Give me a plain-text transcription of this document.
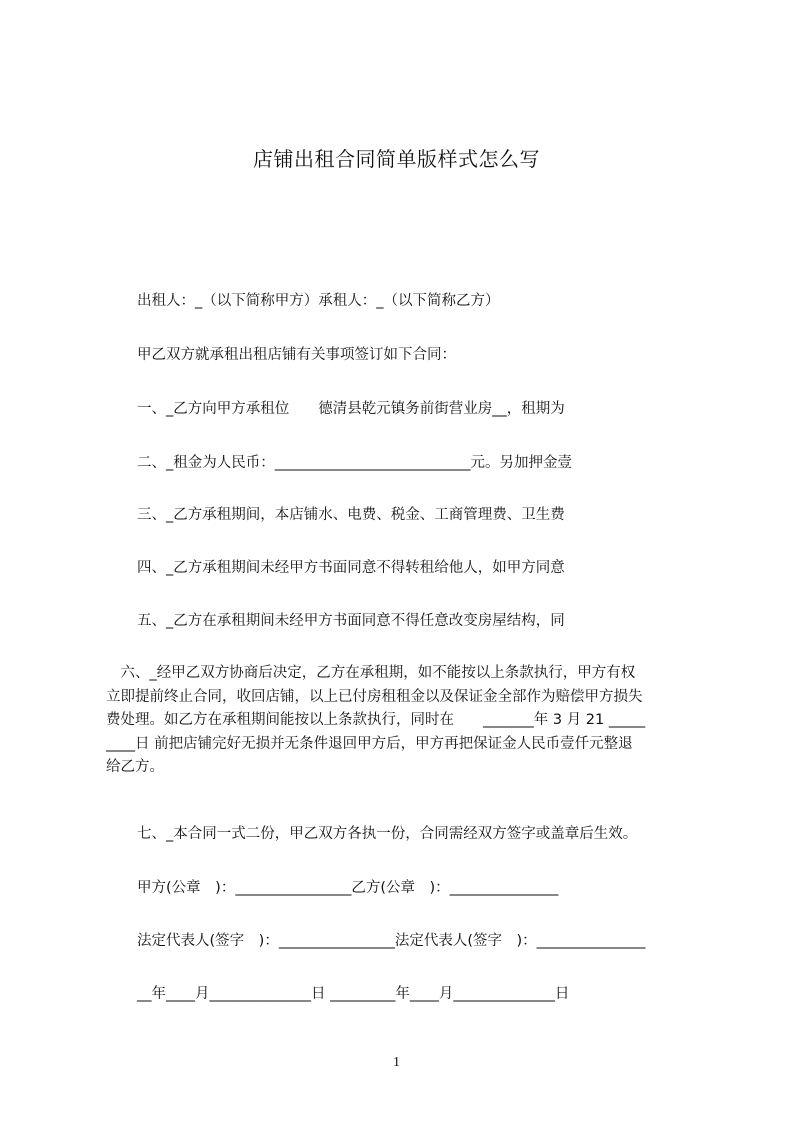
店铺出租合同简单版样式怎么写
出租人：_（以下简称甲方）承租人：_（以下简称乙方）
甲乙双方就承租出租店铺有关事项签订如下合同：
一、_乙方向甲方承租位　　德清县乾元镇务前街营业房__，租期为
二、_租金为人民币：___________________________元。另加押金壹
三、_乙方承租期间，本店铺水、电费、税金、工商管理费、卫生费
四、_乙方承租期间未经甲方书面同意不得转租给他人，如甲方同意
五、_乙方在承租期间未经甲方书面同意不得任意改变房屋结构，同
　六、_经甲乙双方协商后决定，乙方在承租期，如不能按以上条款执行，甲方有权
立即提前终止合同，收回店铺，以上已付房租租金以及保证金全部作为赔偿甲方损失
费处理。如乙方在承租期间能按以上条款执行，同时在　　_______年 3 月 21 _____
____日 前把店铺完好无损并无条件退回甲方后，甲方再把保证金人民币壹仟元整退
给乙方。
七、_本合同一式二份，甲乙双方各执一份，合同需经双方签字或盖章后生效。
甲方(公章　)：________________乙方(公章　)：_______________
法定代表人(签字　)：________________法定代表人(签字　)：_______________
__年____月______________日 _________年____月______________日
1
